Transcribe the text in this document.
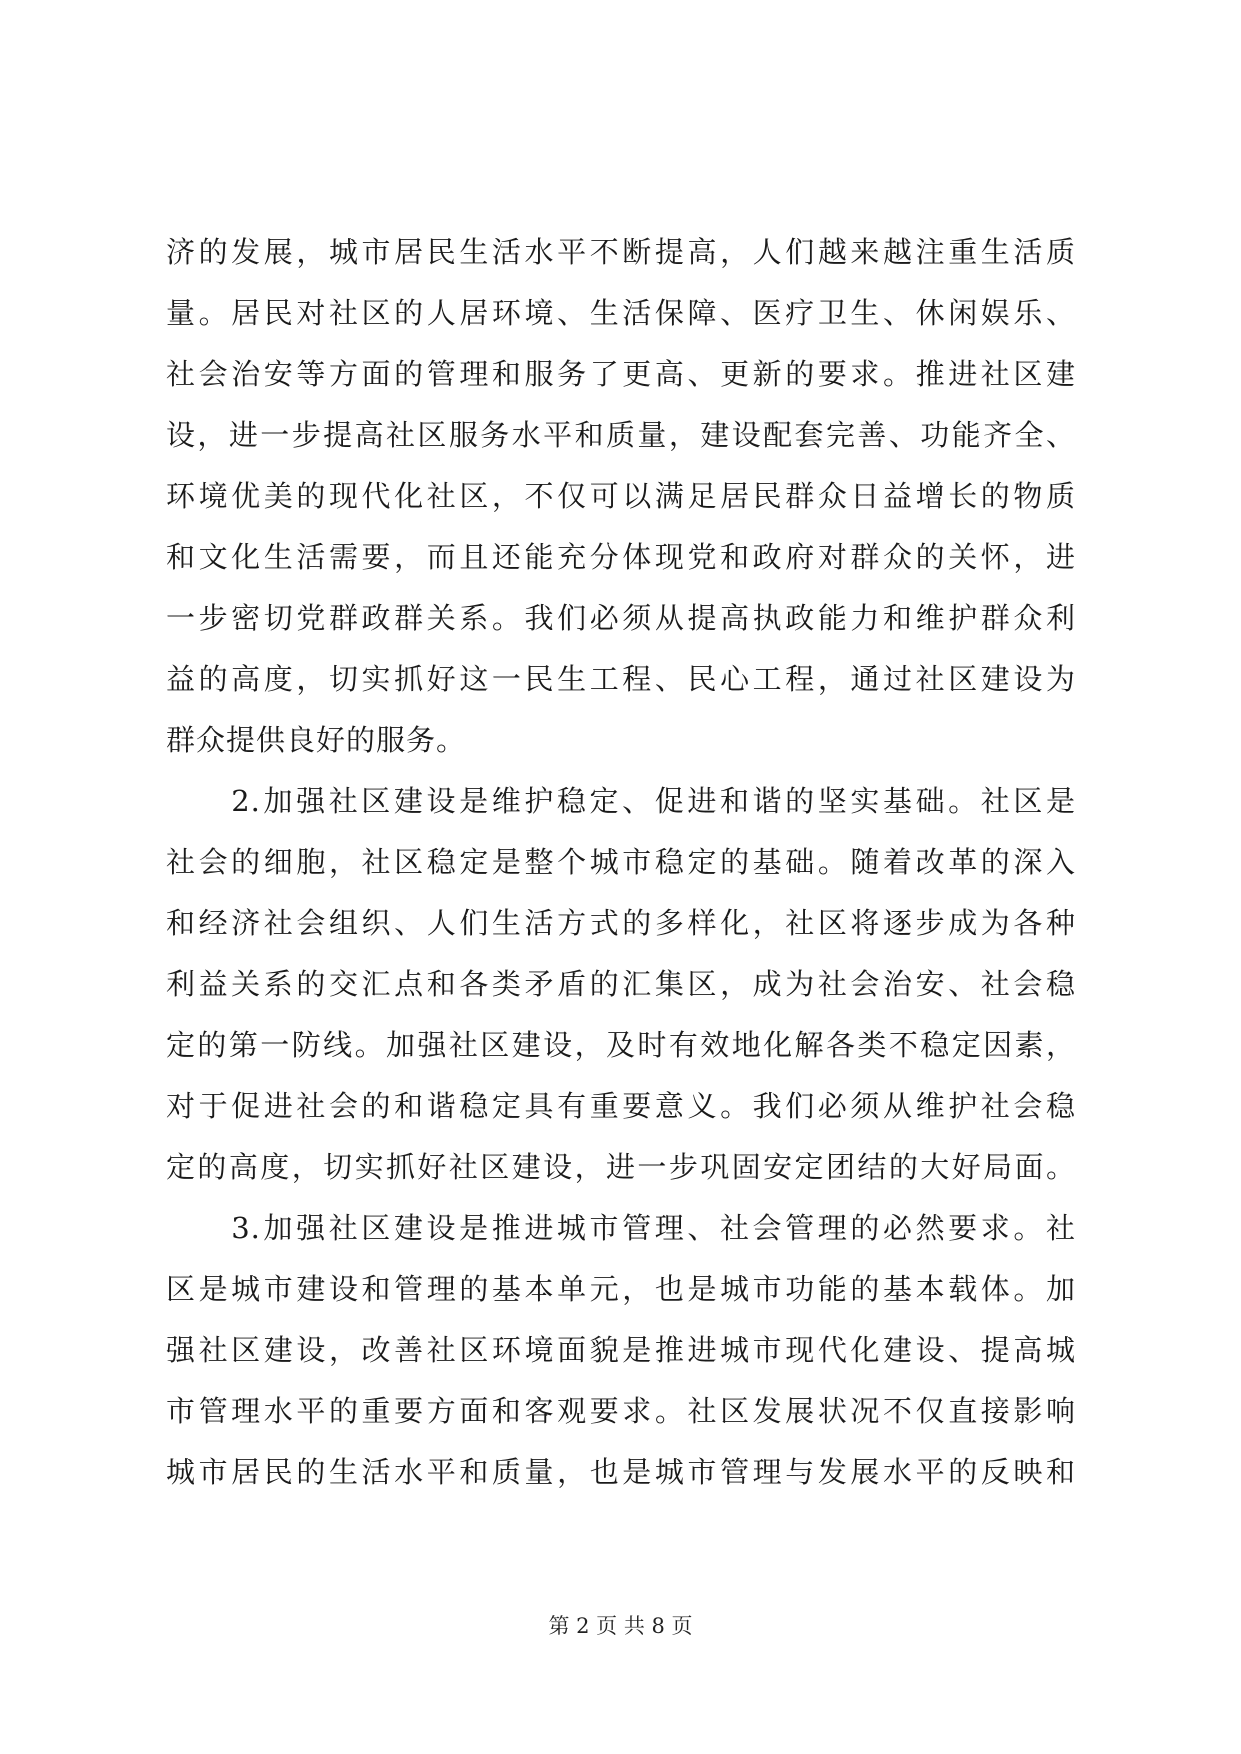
济的发展，城市居民生活水平不断提高，人们越来越注重生活质
量。居民对社区的人居环境、生活保障、医疗卫生、休闲娱乐、
社会治安等方面的管理和服务了更高、更新的要求。推进社区建
设，进一步提高社区服务水平和质量，建设配套完善、功能齐全、
环境优美的现代化社区，不仅可以满足居民群众日益增长的物质
和文化生活需要，而且还能充分体现党和政府对群众的关怀，进
一步密切党群政群关系。我们必须从提高执政能力和维护群众利
益的高度，切实抓好这一民生工程、民心工程，通过社区建设为
群众提供良好的服务。
　　2.加强社区建设是维护稳定、促进和谐的坚实基础。社区是
社会的细胞，社区稳定是整个城市稳定的基础。随着改革的深入
和经济社会组织、人们生活方式的多样化，社区将逐步成为各种
利益关系的交汇点和各类矛盾的汇集区，成为社会治安、社会稳
定的第一防线。加强社区建设，及时有效地化解各类不稳定因素，
对于促进社会的和谐稳定具有重要意义。我们必须从维护社会稳
定的高度，切实抓好社区建设，进一步巩固安定团结的大好局面。
　　3.加强社区建设是推进城市管理、社会管理的必然要求。社
区是城市建设和管理的基本单元，也是城市功能的基本载体。加
强社区建设，改善社区环境面貌是推进城市现代化建设、提高城
市管理水平的重要方面和客观要求。社区发展状况不仅直接影响
城市居民的生活水平和质量，也是城市管理与发展水平的反映和
第 2 页 共 8 页
